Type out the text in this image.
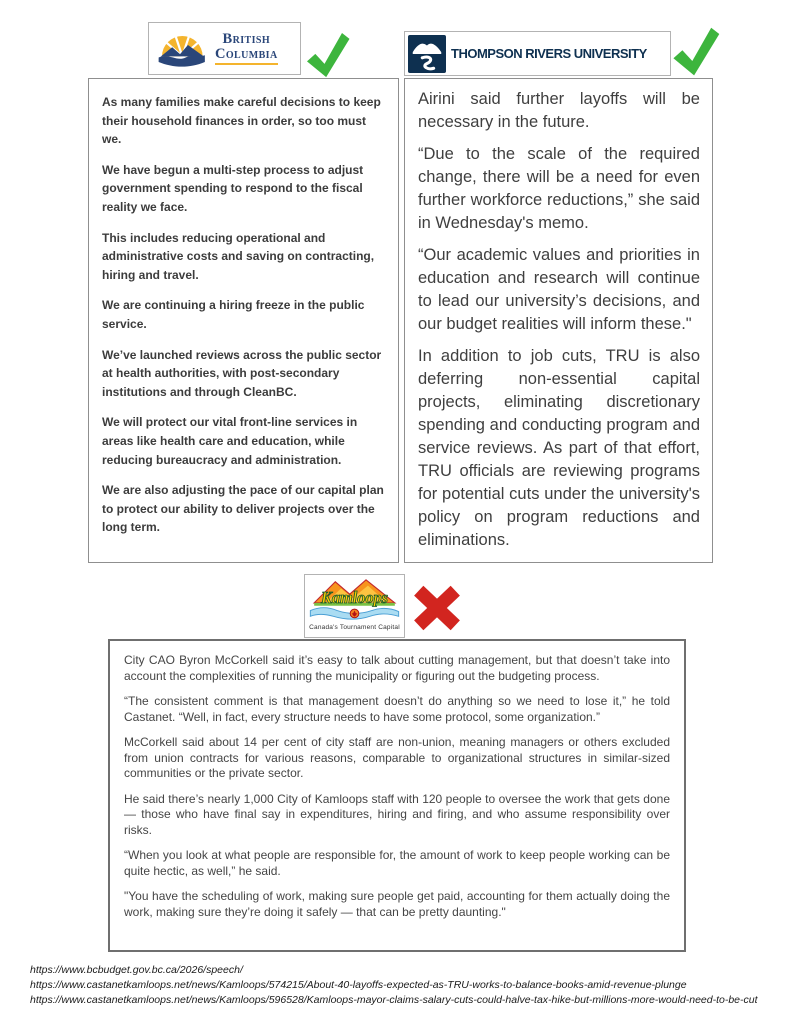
British
Columbia	THOMPSON RIVERS UNIVERSITY

As many families make careful decisions to keep their household finances in order, so too must we.

We have begun a multi-step process to adjust government spending to respond to the fiscal reality we face.

This includes reducing operational and administrative costs and saving on contracting, hiring and travel.

We are continuing a hiring freeze in the public service.

We’ve launched reviews across the public sector at health authorities, with post-secondary institutions and through CleanBC.

We will protect our vital front-line services in areas like health care and education, while reducing bureaucracy and administration.

We are also adjusting the pace of our capital plan to protect our ability to deliver projects over the long term.

Airini said further layoffs will be necessary in the future.

“Due to the scale of the required change, there will be a need for even further workforce reductions,” she said in Wednesday's memo.

“Our academic values and priorities in education and research will continue to lead our university’s decisions, and our budget realities will inform these."

In addition to job cuts, TRU is also deferring non-essential capital projects, eliminating discretionary spending and conducting program and service reviews. As part of that effort, TRU officials are reviewing programs for potential cuts under the university's policy on program reductions and eliminations.

Kamloops
Canada's Tournament Capital

City CAO Byron McCorkell said it’s easy to talk about cutting management, but that doesn’t take into account the complexities of running the municipality or figuring out the budgeting process.

“The consistent comment is that management doesn’t do anything so we need to lose it,” he told Castanet. “Well, in fact, every structure needs to have some protocol, some organization.”

McCorkell said about 14 per cent of city staff are non-union, meaning managers or others excluded from union contracts for various reasons, comparable to organizational structures in similar-sized communities or the private sector.

He said there’s nearly 1,000 City of Kamloops staff with 120 people to oversee the work that gets done — those who have final say in expenditures, hiring and firing, and who assume responsibility over risks.

“When you look at what people are responsible for, the amount of work to keep people working can be quite hectic, as well,” he said.

"You have the scheduling of work, making sure people get paid, accounting for them actually doing the work, making sure they’re doing it safely — that can be pretty daunting."

https://www.bcbudget.gov.bc.ca/2026/speech/
https://www.castanetkamloops.net/news/Kamloops/574215/About-40-layoffs-expected-as-TRU-works-to-balance-books-amid-revenue-plunge
https://www.castanetkamloops.net/news/Kamloops/596528/Kamloops-mayor-claims-salary-cuts-could-halve-tax-hike-but-millions-more-would-need-to-be-cut
